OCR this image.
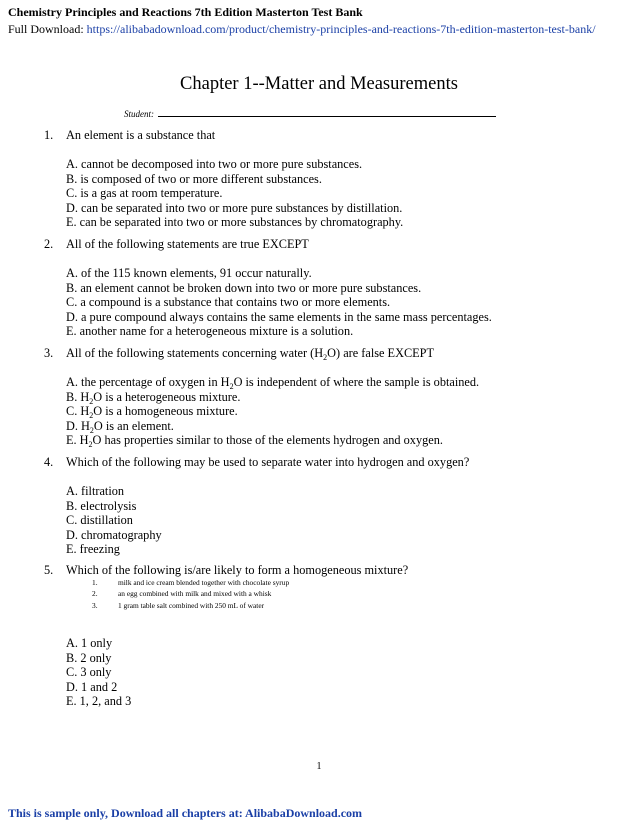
Chemistry Principles and Reactions 7th Edition Masterton Test Bank
Full Download: https://alibabadownload.com/product/chemistry-principles-and-reactions-7th-edition-masterton-test-bank/
Chapter 1--Matter and Measurements
Student:
1. An element is a substance that
A. cannot be decomposed into two or more pure substances.
B. is composed of two or more different substances.
C. is a gas at room temperature.
D. can be separated into two or more pure substances by distillation.
E. can be separated into two or more substances by chromatography.
2. All of the following statements are true EXCEPT
A. of the 115 known elements, 91 occur naturally.
B. an element cannot be broken down into two or more pure substances.
C. a compound is a substance that contains two or more elements.
D. a pure compound always contains the same elements in the same mass percentages.
E. another name for a heterogeneous mixture is a solution.
3. All of the following statements concerning water $(H_2O)$ are false EXCEPT
A. the percentage of oxygen in $H_2O$ is independent of where the sample is obtained.
B. $H_2O$ is a heterogeneous mixture.
C. $H_2O$ is a homogeneous mixture.
D. $H_2O$ is an element.
E. $H_2O$ has properties similar to those of the elements hydrogen and oxygen.
4. Which of the following may be used to separate water into hydrogen and oxygen?
A. filtration
B. electrolysis
C. distillation
D. chromatography
E. freezing
5. Which of the following is/are likely to form a homogeneous mixture?
1.	milk and ice cream blended together with chocolate syrup
2.	an egg combined with milk and mixed with a whisk
3.	1 gram table salt combined with 250 mL of water
A. 1 only
B. 2 only
C. 3 only
D. 1 and 2
E. 1, 2, and 3
1
This is sample only, Download all chapters at: AlibabaDownload.com
